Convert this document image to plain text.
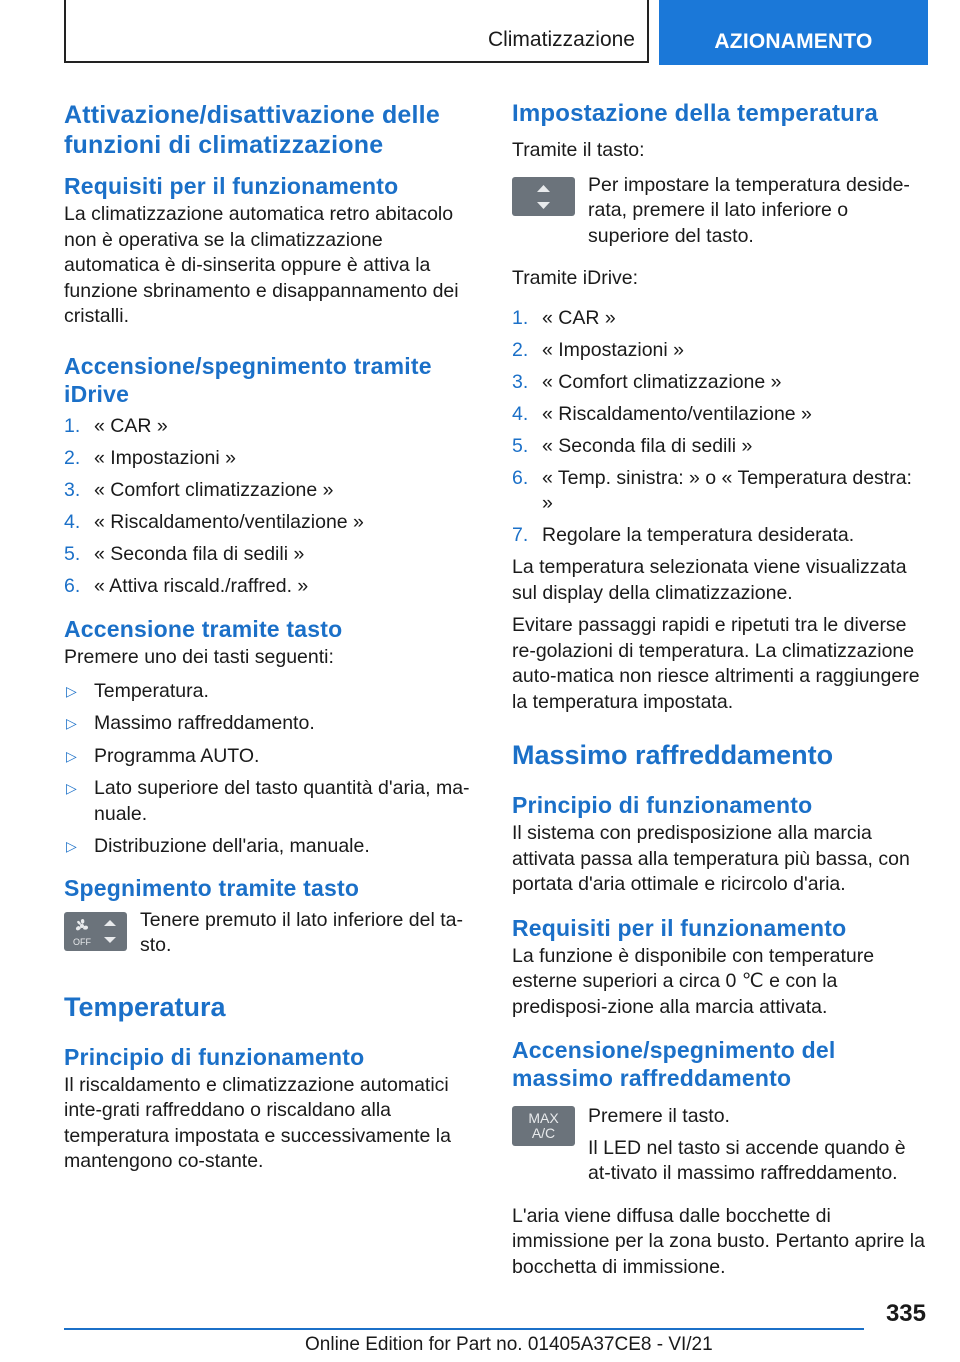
Climatizzazione	AZIONAMENTO
Attivazione/disattivazione delle funzioni di climatizzazione
Requisiti per il funzionamento

La climatizzazione automatica retro abitacolo non è operativa se la climatizzazione automatica è di-sinserita oppure è attiva la funzione sbrinamento e disappannamento dei cristalli.

Accensione/spegnimento tramite iDrive
1. « CAR »
2. « Impostazioni »
3. « Comfort climatizzazione »
4. « Riscaldamento/ventilazione »
5. « Seconda fila di sedili »
6. « Attiva riscald./raffred. »
Accensione tramite tasto

Premere uno dei tasti seguenti:

▷ Temperatura.
▷ Massimo raffreddamento.
▷ Programma AUTO.
▷ Lato superiore del tasto quantità d'aria, ma-nuale.
▷ Distribuzione dell'aria, manuale.
Spegnimento tramite tasto
OFF

Tenere premuto il lato inferiore del ta-sto.

Temperatura
Principio di funzionamento

Il riscaldamento e climatizzazione automatici inte-grati raffreddano o riscaldano alla temperatura impostata e successivamente la mantengono co-stante.

Impostazione della temperatura

Tramite il tasto:

Per impostare la temperatura deside-rata, premere il lato inferiore o superiore del tasto.

Tramite iDrive:

1. « CAR »
2. « Impostazioni »
3. « Comfort climatizzazione »
4. « Riscaldamento/ventilazione »
5. « Seconda fila di sedili »
6. « Temp. sinistra: » o « Temperatura destra: »
7. Regolare la temperatura desiderata.

La temperatura selezionata viene visualizzata sul display della climatizzazione.

Evitare passaggi rapidi e ripetuti tra le diverse re-golazioni di temperatura. La climatizzazione auto-matica non riesce altrimenti a raggiungere la temperatura impostata.

Massimo raffreddamento
Principio di funzionamento

Il sistema con predisposizione alla marcia attivata passa alla temperatura più bassa, con portata d'aria ottimale e ricircolo d'aria.

Requisiti per il funzionamento

La funzione è disponibile con temperature esterne superiori a circa 0 ℃ e con la predisposi-zione alla marcia attivata.

Accensione/spegnimento del massimo raffreddamento
MAX
A/C

Premere il tasto.

Il LED nel tasto si accende quando è at-tivato il massimo raffreddamento.

L'aria viene diffusa dalle bocchette di immissione per la zona busto. Pertanto aprire la bocchetta di immissione.

335
Online Edition for Part no. 01405A37CE8 - VI/21
